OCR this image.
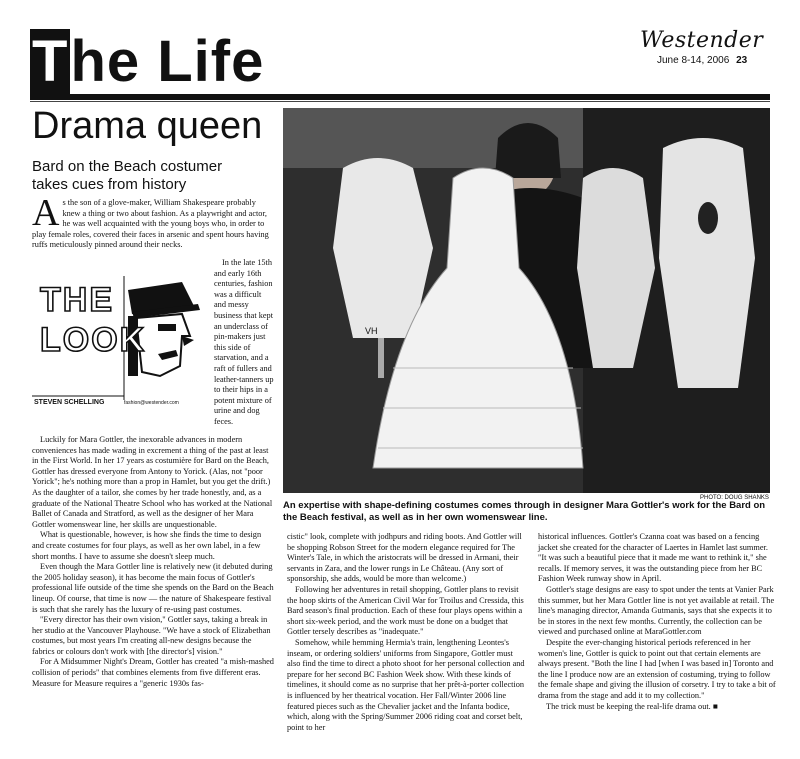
Westender
June 8-14, 2006 23
The Life
Drama queen
Bard on the Beach costumer takes cues from history

As the son of a glove-maker, William Shakespeare probably knew a thing or two about fashion. As a playwright and actor, he was well acquainted with the young boys who, in order to play female roles, covered their faces in arsenic and spent hours having ruffs meticulously pinned around their necks.

THE
LOOK
STEVEN SCHELLING	fashion@westender.com

In the late 15th and early 16th centuries, fashion was a difficult and messy business that kept an underclass of pin-makers just this side of starvation, and a raft of fullers and leather-tanners up to their hips in a potent mixture of urine and dog feces.

Luckily for Mara Gottler, the inexorable advances in modern conveniences has made wading in excrement a thing of the past at least in the First World. In her 17 years as costumière for Bard on the Beach, Gottler has dressed everyone from Antony to Yorick. (Alas, not "poor Yorick"; he's nothing more than a prop in Hamlet, but you get the drift.) As the daughter of a tailor, she comes by her trade honestly, and, as a graduate of the National Theatre School who has worked at the National Ballet of Canada and Stratford, as well as the designer of her Mara Gottler womenswear line, her skills are unquestionable.

What is questionable, however, is how she finds the time to design and create costumes for four plays, as well as her own label, in a few short months. I have to assume she doesn't sleep much.

Even though the Mara Gottler line is relatively new (it debuted during the 2005 holiday season), it has become the main focus of Gottler's professional life outside of the time she spends on the Bard on the Beach lineup. Of course, that time is now — the nature of Shakespeare festival is such that she rarely has the luxury of re-using past costumes.

"Every director has their own vision," Gottler says, taking a break in her studio at the Vancouver Playhouse. "We have a stock of Elizabethan costumes, but most years I'm creating all-new designs because the fabrics or colours don't work with [the director's] vision."

For A Midsummer Night's Dream, Gottler has created "a mish-mashed collision of periods" that combines elements from five different eras. Measure for Measure requires a "generic 1930s fas-

VH
PHOTO: DOUG SHANKS
An expertise with shape-defining costumes comes through in designer Mara Gottler's work for the Bard on the Beach festival, as well as in her own womenswear line.

cistic" look, complete with jodhpurs and riding boots. And Gottler will be shopping Robson Street for the modern elegance required for The Winter's Tale, in which the aristocrats will be dressed in Armani, their servants in Zara, and the lower rungs in Le Château. (Any sort of sponsorship, she adds, would be more than welcome.)

Following her adventures in retail shopping, Gottler plans to revisit the hoop skirts of the American Civil War for Troilus and Cressida, this Bard season's final production. Each of these four plays opens within a short six-week period, and the work must be done on a budget that Gottler tersely describes as "inadequate."

Somehow, while hemming Hermia's train, lengthening Leontes's inseam, or ordering soldiers' uniforms from Singapore, Gottler must also find the time to direct a photo shoot for her personal collection and prepare for her second BC Fashion Week show. With these kinds of timelines, it should come as no surprise that her prêt-à-porter collection is influenced by her theatrical vocation. Her Fall/Winter 2006 line featured pieces such as the Chevalier jacket and the Infanta bodice, which, along with the Spring/Summer 2006 riding coat and corset belt, point to her

historical influences. Gottler's Czanna coat was based on a fencing jacket she created for the character of Laertes in Hamlet last summer. "It was such a beautiful piece that it made me want to rethink it," she recalls. If memory serves, it was the outstanding piece from her BC Fashion Week runway show in April.

Gottler's stage designs are easy to spot under the tents at Vanier Park this summer, but her Mara Gottler line is not yet available at retail. The line's managing director, Amanda Gutmanis, says that she expects it to be in stores in the next few months. Currently, the collection can be viewed and purchased online at MaraGottler.com

Despite the ever-changing historical periods referenced in her women's line, Gottler is quick to point out that certain elements are always present. "Both the line I had [when I was based in] Toronto and the line I produce now are an extension of costuming, trying to follow the female shape and giving the illusion of corsetry. I try to take a bit of drama from the stage and add it to my collection."

The trick must be keeping the real-life drama out. ■
